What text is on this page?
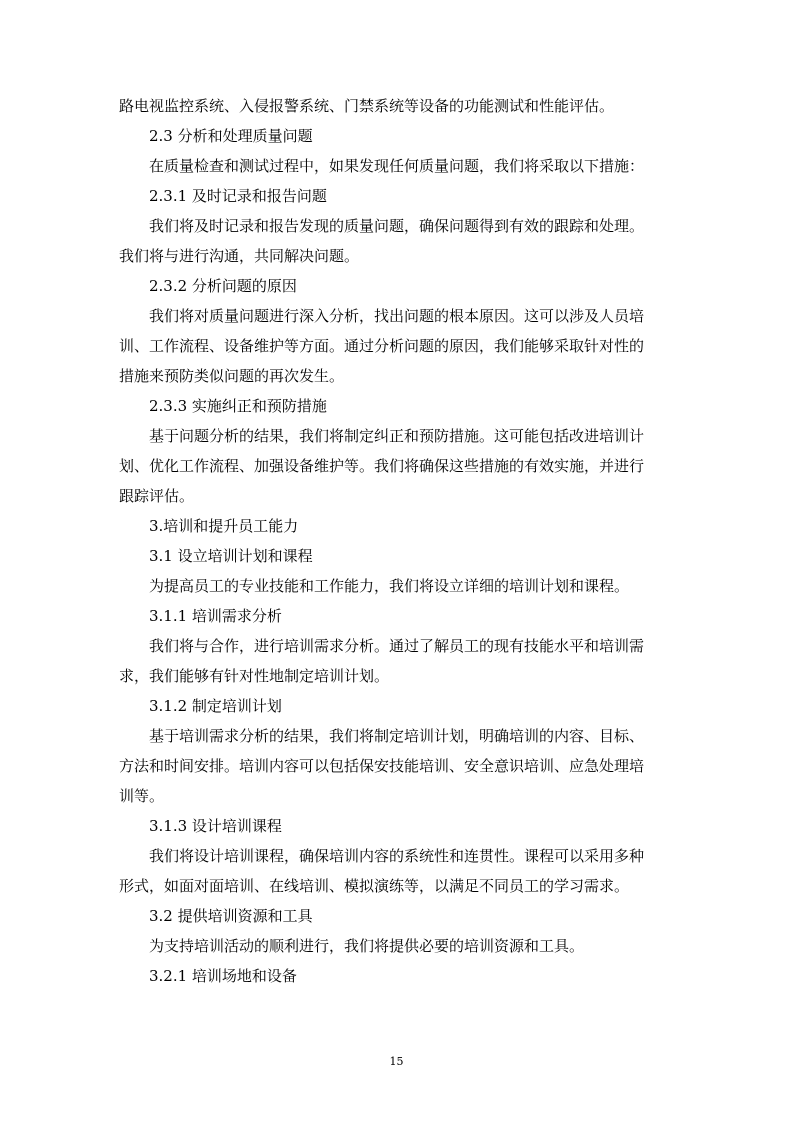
路电视监控系统、入侵报警系统、门禁系统等设备的功能测试和性能评估。
2.3 分析和处理质量问题
在质量检查和测试过程中，如果发现任何质量问题，我们将采取以下措施：
2.3.1 及时记录和报告问题
我们将及时记录和报告发现的质量问题，确保问题得到有效的跟踪和处理。
我们将与进行沟通，共同解决问题。
2.3.2 分析问题的原因
我们将对质量问题进行深入分析，找出问题的根本原因。这可以涉及人员培
训、工作流程、设备维护等方面。通过分析问题的原因，我们能够采取针对性的
措施来预防类似问题的再次发生。
2.3.3 实施纠正和预防措施
基于问题分析的结果，我们将制定纠正和预防措施。这可能包括改进培训计
划、优化工作流程、加强设备维护等。我们将确保这些措施的有效实施，并进行
跟踪评估。
3.培训和提升员工能力
3.1 设立培训计划和课程
为提高员工的专业技能和工作能力，我们将设立详细的培训计划和课程。
3.1.1 培训需求分析
我们将与合作，进行培训需求分析。通过了解员工的现有技能水平和培训需
求，我们能够有针对性地制定培训计划。
3.1.2 制定培训计划
基于培训需求分析的结果，我们将制定培训计划，明确培训的内容、目标、
方法和时间安排。培训内容可以包括保安技能培训、安全意识培训、应急处理培
训等。
3.1.3 设计培训课程
我们将设计培训课程，确保培训内容的系统性和连贯性。课程可以采用多种
形式，如面对面培训、在线培训、模拟演练等，以满足不同员工的学习需求。
3.2 提供培训资源和工具
为支持培训活动的顺利进行，我们将提供必要的培训资源和工具。
3.2.1 培训场地和设备
15
